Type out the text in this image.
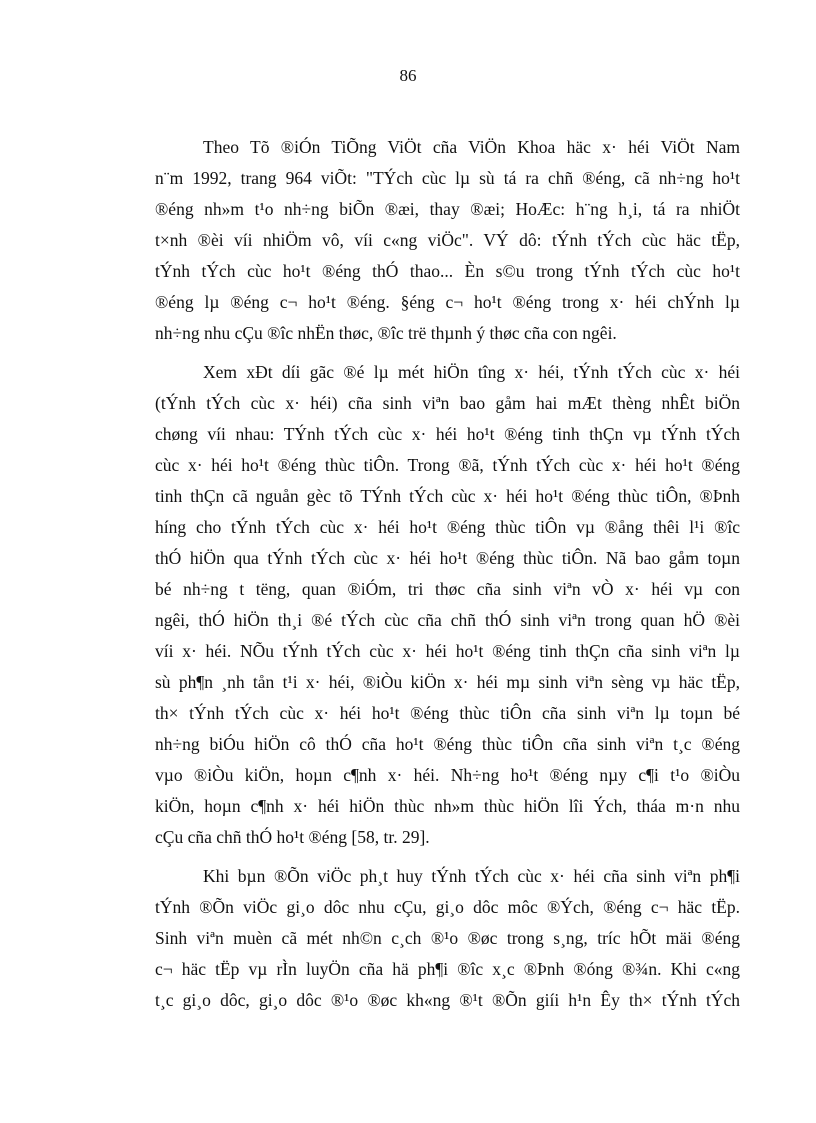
86

Theo Tõ ®iÓn TiÕng ViÖt cña ViÖn Khoa häc x· héi ViÖt Nam
n¨m 1992, trang 964 viÕt: "TÝch cùc lµ sù tá ra chñ ®éng, cã nh÷ng ho¹t
®éng nh»m t¹o nh÷ng biÕn ®æi, thay ®æi; HoÆc: h¨ng h¸i, tá ra nhiÖt
t×nh ®èi víi nhiÖm vô, víi c«ng viÖc". VÝ dô: tÝnh tÝch cùc häc tËp,
tÝnh tÝch cùc ho¹t ®éng thÓ thao... Èn s©u trong tÝnh tÝch cùc ho¹t
®éng lµ ®éng c¬ ho¹t ®éng. §éng c¬ ho¹t ®éng trong x· héi chÝnh lµ
nh÷ng nhu cÇu ®îc nhËn thøc, ®îc trë thµnh ý thøc cña con ngêi.

Xem xÐt díi gãc ®é lµ mét hiÖn tîng x· héi, tÝnh tÝch cùc x· héi
(tÝnh tÝch cùc x· héi) cña sinh viªn bao gåm hai mÆt thèng nhÊt biÖn
chøng víi nhau: TÝnh tÝch cùc x· héi ho¹t ®éng tinh thÇn vµ tÝnh tÝch
cùc x· héi ho¹t ®éng thùc tiÔn. Trong ®ã, tÝnh tÝch cùc x· héi ho¹t ®éng
tinh thÇn cã nguån gèc tõ TÝnh tÝch cùc x· héi ho¹t ®éng thùc tiÔn, ®Þnh
híng cho tÝnh tÝch cùc x· héi ho¹t ®éng thùc tiÔn vµ ®ång thêi l¹i ®îc
thÓ hiÖn qua tÝnh tÝch cùc x· héi ho¹t ®éng thùc tiÔn. Nã bao gåm toµn
bé nh÷ng t tëng, quan ®iÓm, tri thøc cña sinh viªn vÒ x· héi vµ con
ngêi, thÓ hiÖn th¸i ®é tÝch cùc cña chñ thÓ sinh viªn trong quan hÖ ®èi
víi x· héi. NÕu tÝnh tÝch cùc x· héi ho¹t ®éng tinh thÇn cña sinh viªn lµ
sù ph¶n ¸nh tån t¹i x· héi, ®iÒu kiÖn x· héi mµ sinh viªn sèng vµ häc tËp,
th× tÝnh tÝch cùc x· héi ho¹t ®éng thùc tiÔn cña sinh viªn lµ toµn bé
nh÷ng biÓu hiÖn cô thÓ cña ho¹t ®éng thùc tiÔn cña sinh viªn t¸c ®éng
vµo ®iÒu kiÖn, hoµn c¶nh x· héi. Nh÷ng ho¹t ®éng nµy c¶i t¹o ®iÒu
kiÖn, hoµn c¶nh x· héi hiÖn thùc nh»m thùc hiÖn lîi Ých, tháa m·n nhu
cÇu cña chñ thÓ ho¹t ®éng [58, tr. 29].

Khi bµn ®Õn viÖc ph¸t huy tÝnh tÝch cùc x· héi cña sinh viªn ph¶i
tÝnh ®Õn viÖc gi¸o dôc nhu cÇu, gi¸o dôc môc ®Ých, ®éng c¬ häc tËp.
Sinh viªn muèn cã mét nh©n c¸ch ®¹o ®øc trong s¸ng, tríc hÕt mäi ®éng
c¬ häc tËp vµ rÌn luyÖn cña hä ph¶i ®îc x¸c ®Þnh ®óng ®¾n. Khi c«ng
t¸c gi¸o dôc, gi¸o dôc ®¹o ®øc kh«ng ®¹t ®Õn giíi h¹n Êy th× tÝnh tÝch
